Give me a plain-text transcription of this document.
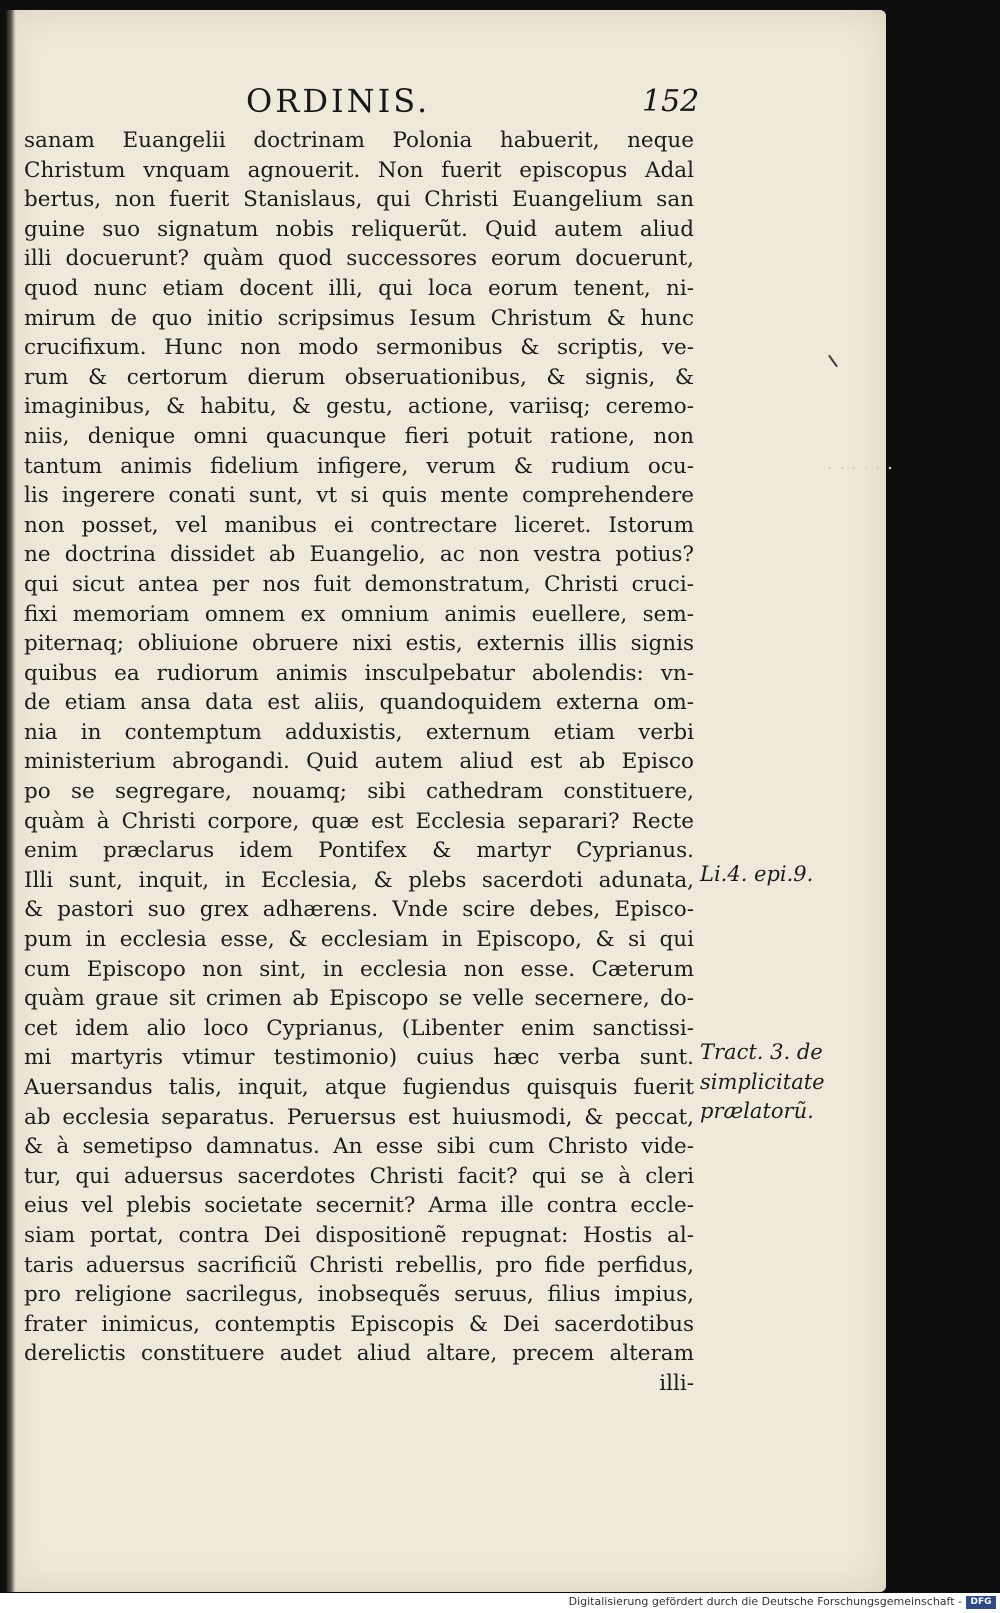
ORDINIS.	152
sanam Euangelii doctrinam Polonia habuerit, neque
Christum vnquam agnouerit. Non fuerit episcopus Adal
bertus, non fuerit Stanislaus, qui Christi Euangelium san
guine suo signatum nobis reliquerũt. Quid autem aliud
illi docuerunt? quàm quod successores eorum docuerunt,
quod nunc etiam docent illi, qui loca eorum tenent, ni-
mirum de quo initio scripsimus Iesum Christum & hunc
crucifixum. Hunc non modo sermonibus & scriptis, ve-
rum & certorum dierum obseruationibus, & signis, &
imaginibus, & habitu, & gestu, actione, variisq; ceremo-
niis, denique omni quacunque fieri potuit ratione, non
tantum animis fidelium infigere, verum & rudium ocu-
lis ingerere conati sunt, vt si quis mente comprehendere
non posset, vel manibus ei contrectare liceret. Istorum
ne doctrina dissidet ab Euangelio, ac non vestra potius?
qui sicut antea per nos fuit demonstratum, Christi cruci-
fixi memoriam omnem ex omnium animis euellere, sem-
piternaq; obliuione obruere nixi estis, externis illis signis
quibus ea rudiorum animis insculpebatur abolendis: vn-
de etiam ansa data est aliis, quandoquidem externa om-
nia in contemptum adduxistis, externum etiam verbi
ministerium abrogandi. Quid autem aliud est ab Episco
po se segregare, nouamq; sibi cathedram constituere,
quàm à Christi corpore, quæ est Ecclesia separari? Recte
enim præclarus idem Pontifex & martyr Cyprianus.
Illi sunt, inquit, in Ecclesia, & plebs sacerdoti adunata,
& pastori suo grex adhærens. Vnde scire debes, Episco-
pum in ecclesia esse, & ecclesiam in Episcopo, & si qui
cum Episcopo non sint, in ecclesia non esse. Cæterum
quàm graue sit crimen ab Episcopo se velle secernere, do-
cet idem alio loco Cyprianus, (Libenter enim sanctissi-
mi martyris vtimur testimonio) cuius hæc verba sunt.
Auersandus talis, inquit, atque fugiendus quisquis fuerit
ab ecclesia separatus. Peruersus est huiusmodi, & peccat,
& à semetipso damnatus. An esse sibi cum Christo vide-
tur, qui aduersus sacerdotes Christi facit? qui se à cleri
eius vel plebis societate secernit? Arma ille contra eccle-
siam portat, contra Dei dispositionẽ repugnat: Hostis al-
taris aduersus sacrificiũ Christi rebellis, pro fide perfidus,
pro religione sacrilegus, inobsequẽs seruus, filius impius,
frater inimicus, contemptis Episcopis & Dei sacerdotibus
derelictis constituere audet aliud altare, precem alteram
illi-
Li.4. epi.9.
Tract. 3. de
simplicitate
prælatorũ.
Digitalisierung gefördert durch die Deutsche Forschungsgemeinschaft - DFG
